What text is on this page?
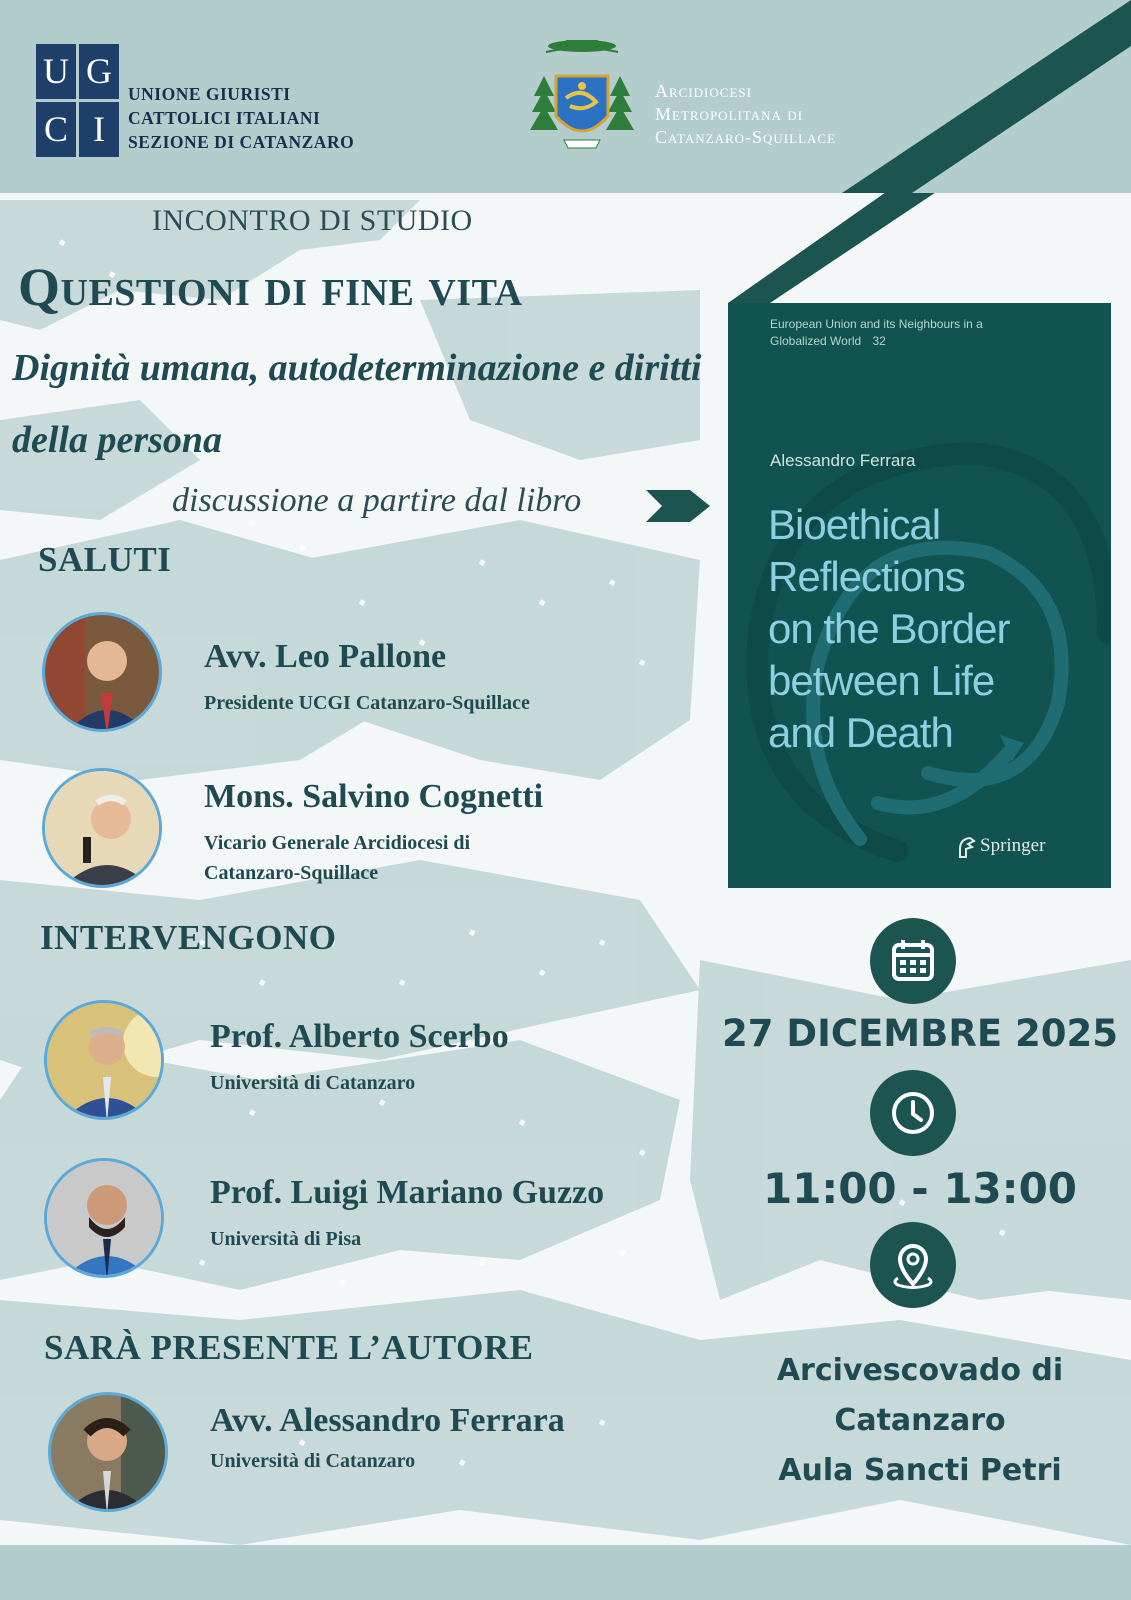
U G
C I
UNIONE GIURISTI
CATTOLICI ITALIANI
SEZIONE DI CATANZARO
Arcidiocesi
Metropolitana di
Catanzaro-Squillace
INCONTRO DI STUDIO
Questioni di fine vita
Dignità umana, autodeterminazione e diritti della persona
discussione a partire dal libro
SALUTI
Avv. Leo Pallone
Presidente UCGI Catanzaro-Squillace
Mons. Salvino Cognetti
Vicario Generale Arcidiocesi di Catanzaro-Squillace
INTERVENGONO
Prof. Alberto Scerbo
Università di Catanzaro
Prof. Luigi Mariano Guzzo
Università di Pisa
SARÀ PRESENTE L’AUTORE
Avv. Alessandro Ferrara
Università di Catanzaro
European Union and its Neighbours in a Globalized World 32
Alessandro Ferrara
Bioethical
Reflections
on the Border
between Life
and Death
Springer
27 DICEMBRE 2025
11:00 - 13:00
Arcivescovado di
Catanzaro
Aula Sancti Petri
